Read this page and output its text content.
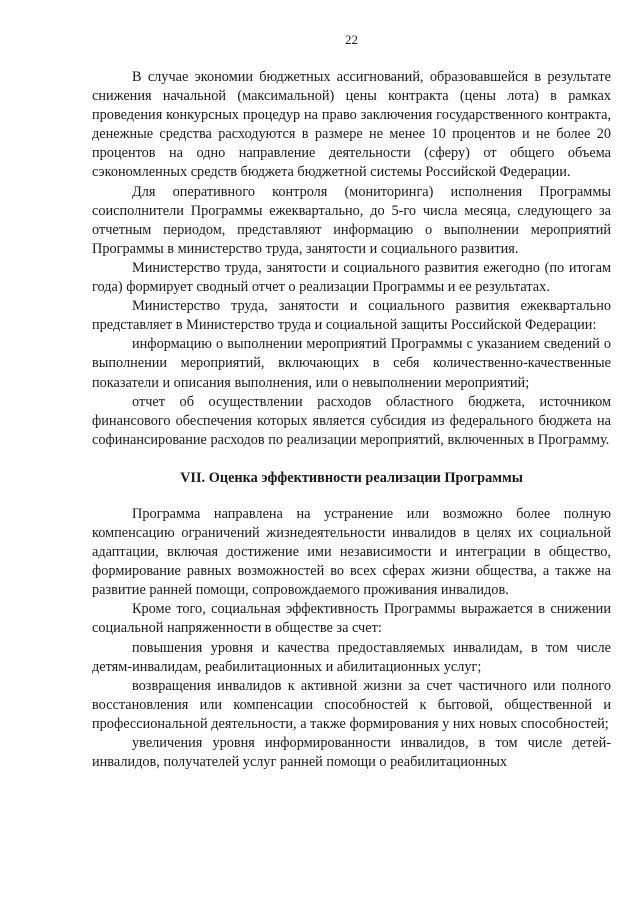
22

В случае экономии бюджетных ассигнований, образовавшейся в результате снижения начальной (максимальной) цены контракта (цены лота) в рамках проведения конкурсных процедур на право заключения государственного контракта, денежные средства расходуются в размере не менее 10 процентов и не более 20 процентов на одно направление деятельности (сферу) от общего объема сэкономленных средств бюджета бюджетной системы Российской Федерации.

Для оперативного контроля (мониторинга) исполнения Программы соисполнители Программы ежеквартально, до 5-го числа месяца, следующего за отчетным периодом, представляют информацию о выполнении мероприятий Программы в министерство труда, занятости и социального развития.

Министерство труда, занятости и социального развития ежегодно (по итогам года) формирует сводный отчет о реализации Программы и ее результатах.

Министерство труда, занятости и социального развития ежеквартально представляет в Министерство труда и социальной защиты Российской Федерации:

информацию о выполнении мероприятий Программы с указанием сведений о выполнении мероприятий, включающих в себя количественно-качественные показатели и описания выполнения, или о невыполнении мероприятий;

отчет об осуществлении расходов областного бюджета, источником финансового обеспечения которых является субсидия из федерального бюджета на софинансирование расходов по реализации мероприятий, включенных в Программу.

VII. Оценка эффективности реализации Программы

Программа направлена на устранение или возможно более полную компенсацию ограничений жизнедеятельности инвалидов в целях их социальной адаптации, включая достижение ими независимости и интеграции в общество, формирование равных возможностей во всех сферах жизни общества, а также на развитие ранней помощи, сопровождаемого проживания инвалидов.

Кроме того, социальная эффективность Программы выражается в снижении социальной напряженности в обществе за счет:

повышения уровня и качества предоставляемых инвалидам, в том числе детям-инвалидам, реабилитационных и абилитационных услуг;

возвращения инвалидов к активной жизни за счет частичного или полного восстановления или компенсации способностей к бытовой, общественной и профессиональной деятельности, а также формирования у них новых способностей;

увеличения уровня информированности инвалидов, в том числе детей-инвалидов, получателей услуг ранней помощи о реабилитационных
